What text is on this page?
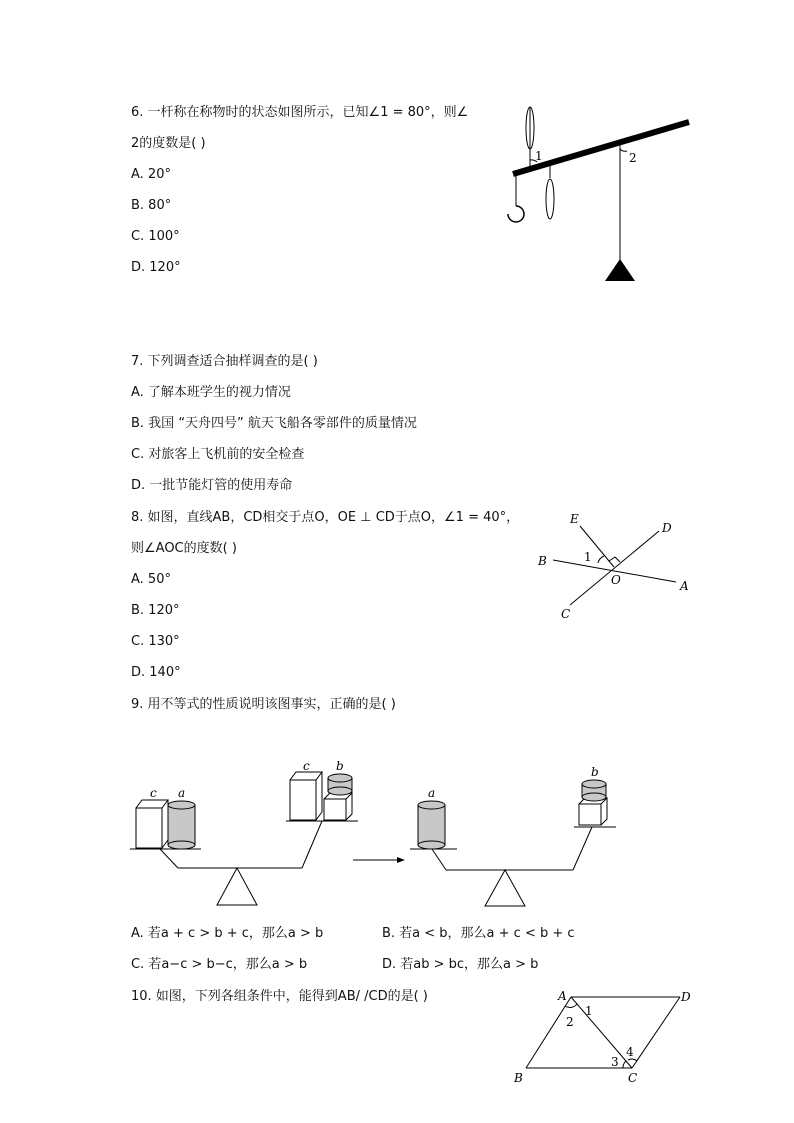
6. 一杆称在称物时的状态如图所示，已知∠1 = 80°，则∠
2的度数是( )
A. 20°
B. 80°
C. 100°
D. 120°
1	2
7. 下列调查适合抽样调查的是( )
A. 了解本班学生的视力情况
B. 我国 “天舟四号” 航天飞船各零部件的质量情况
C. 对旅客上飞机前的安全检查
D. 一批节能灯管的使用寿命
8. 如图，直线AB，CD相交于点O，OE ⊥ CD于点O，∠1 = 40°，
则∠AOC的度数( )
A. 50°
B. 120°
C. 130°
D. 140°
E
D
B	1
O	A
C
9. 用不等式的性质说明该图事实，正确的是( )
c a
c b
a
b
A. 若a + c > b + c，那么a > b	B. 若a < b，那么a + c < b + c
C. 若a−c > b−c，那么a > b	D. 若ab > bc，那么a > b
10. 如图，下列各组条件中，能得到AB/ /CD的是( )	A	D
1
2
4
3
B	C
